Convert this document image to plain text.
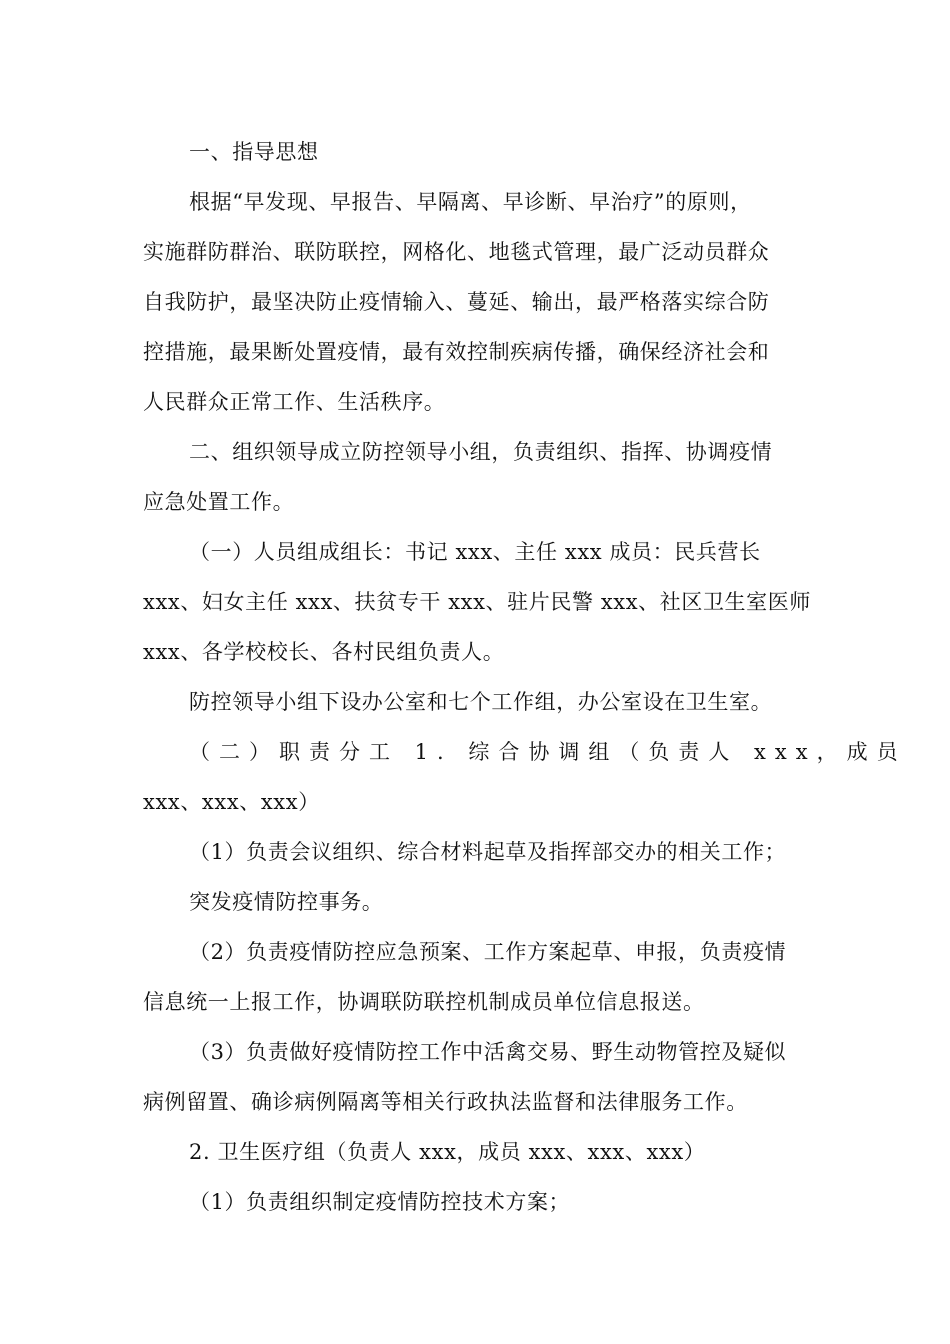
一、指导思想
根据“早发现、早报告、早隔离、早诊断、早治疗”的原则，
实施群防群治、联防联控，网格化、地毯式管理，最广泛动员群众
自我防护，最坚决防止疫情输入、蔓延、输出，最严格落实综合防
控措施，最果断处置疫情，最有效控制疾病传播，确保经济社会和
人民群众正常工作、生活秩序。
二、组织领导成立防控领导小组，负责组织、指挥、协调疫情
应急处置工作。
（一）人员组成组长：书记 xxx、主任 xxx 成员：民兵营长
xxx、妇女主任 xxx、扶贫专干 xxx、驻片民警 xxx、社区卫生室医师
xxx、各学校校长、各村民组负责人。
防控领导小组下设办公室和七个工作组，办公室设在卫生室。
（二）职责分工 1. 综合协调组（负责人 xxx，成员
xxx、xxx、xxx）
（1）负责会议组织、综合材料起草及指挥部交办的相关工作；
突发疫情防控事务。
（2）负责疫情防控应急预案、工作方案起草、申报，负责疫情
信息统一上报工作，协调联防联控机制成员单位信息报送。
（3）负责做好疫情防控工作中活禽交易、野生动物管控及疑似
病例留置、确诊病例隔离等相关行政执法监督和法律服务工作。
2. 卫生医疗组（负责人 xxx，成员 xxx、xxx、xxx）
（1）负责组织制定疫情防控技术方案；
